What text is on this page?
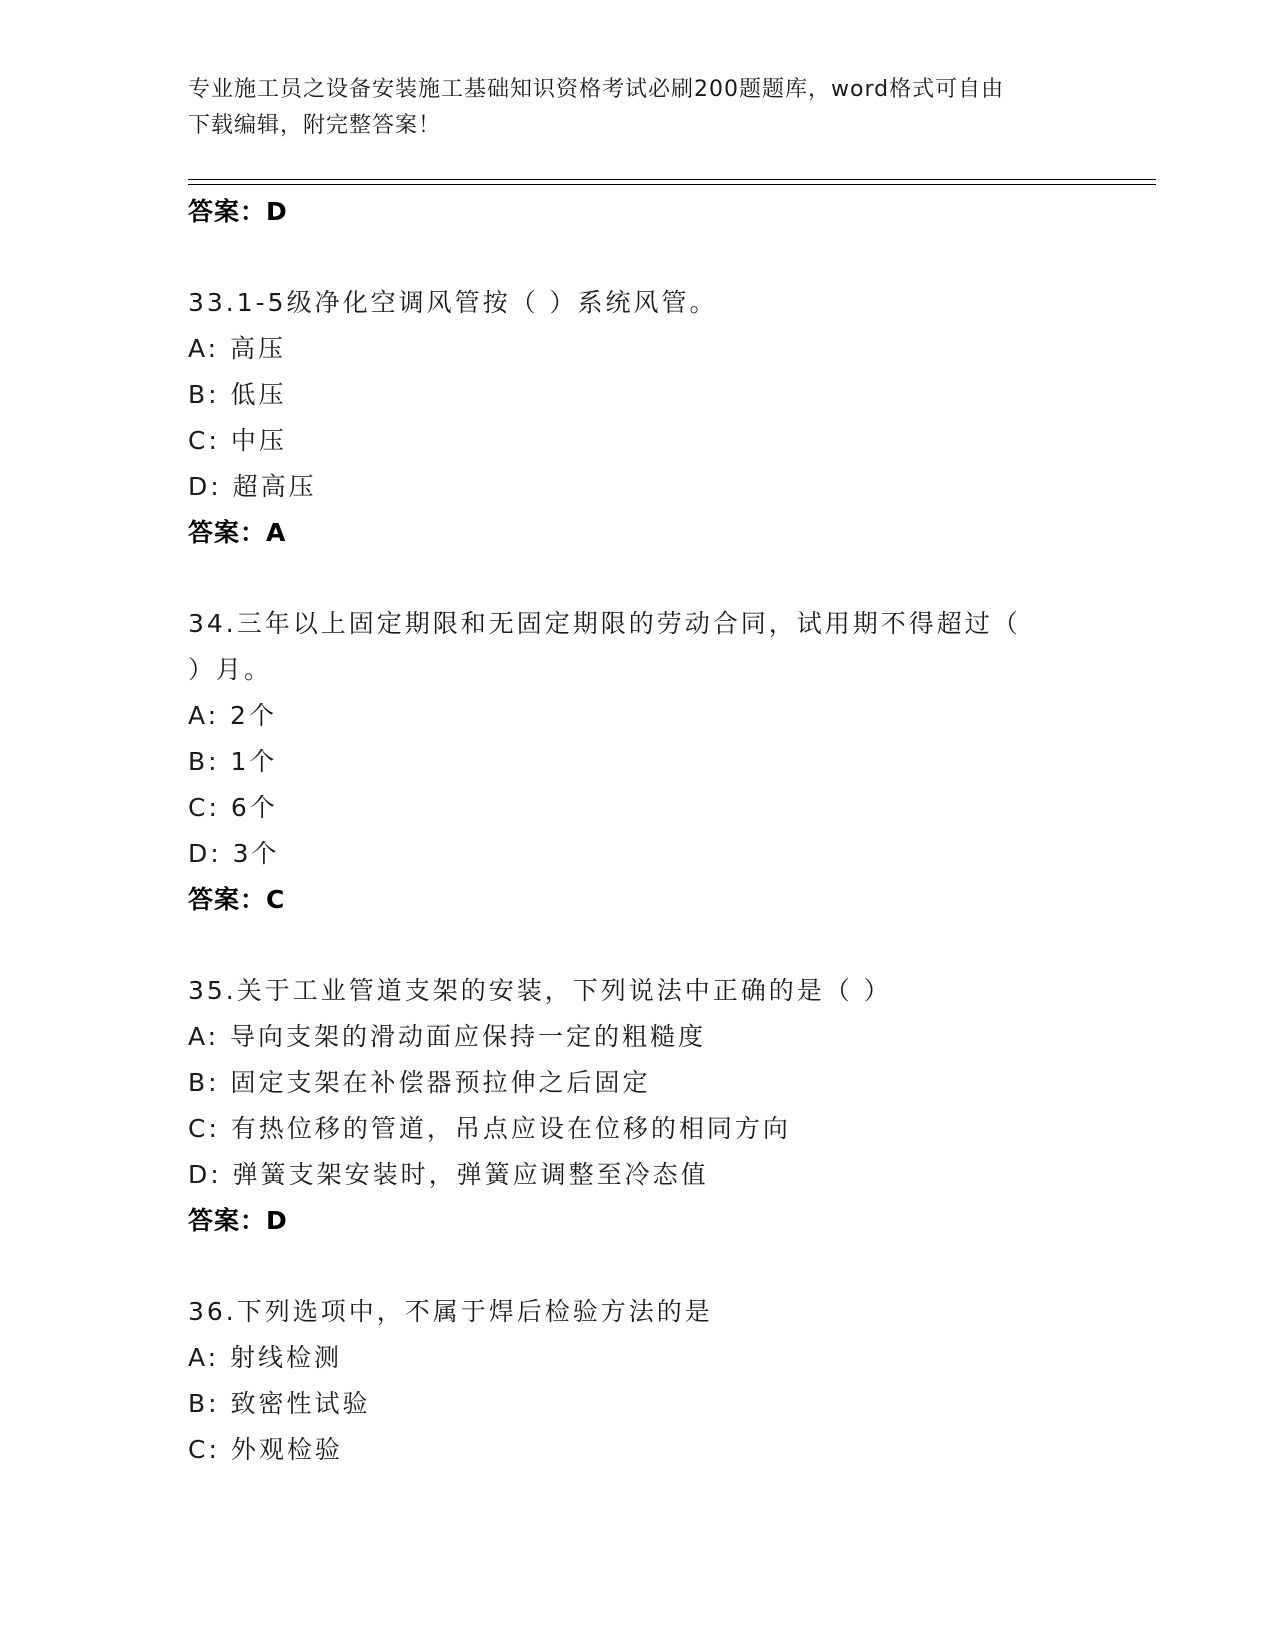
专业施工员之设备安装施工基础知识资格考试必刷200题题库，word格式可自由
下载编辑，附完整答案！
答案：D
33.1-5级净化空调风管按（ ）系统风管。
A: 高压
B: 低压
C: 中压
D: 超高压
答案：A
34.三年以上固定期限和无固定期限的劳动合同，试用期不得超过（
）月。
A: 2个
B: 1个
C: 6个
D: 3个
答案：C
35.关于工业管道支架的安装，下列说法中正确的是（ ）
A: 导向支架的滑动面应保持一定的粗糙度
B: 固定支架在补偿器预拉伸之后固定
C: 有热位移的管道，吊点应设在位移的相同方向
D: 弹簧支架安装时，弹簧应调整至冷态值
答案：D
36.下列选项中，不属于焊后检验方法的是
A: 射线检测
B: 致密性试验
C: 外观检验
